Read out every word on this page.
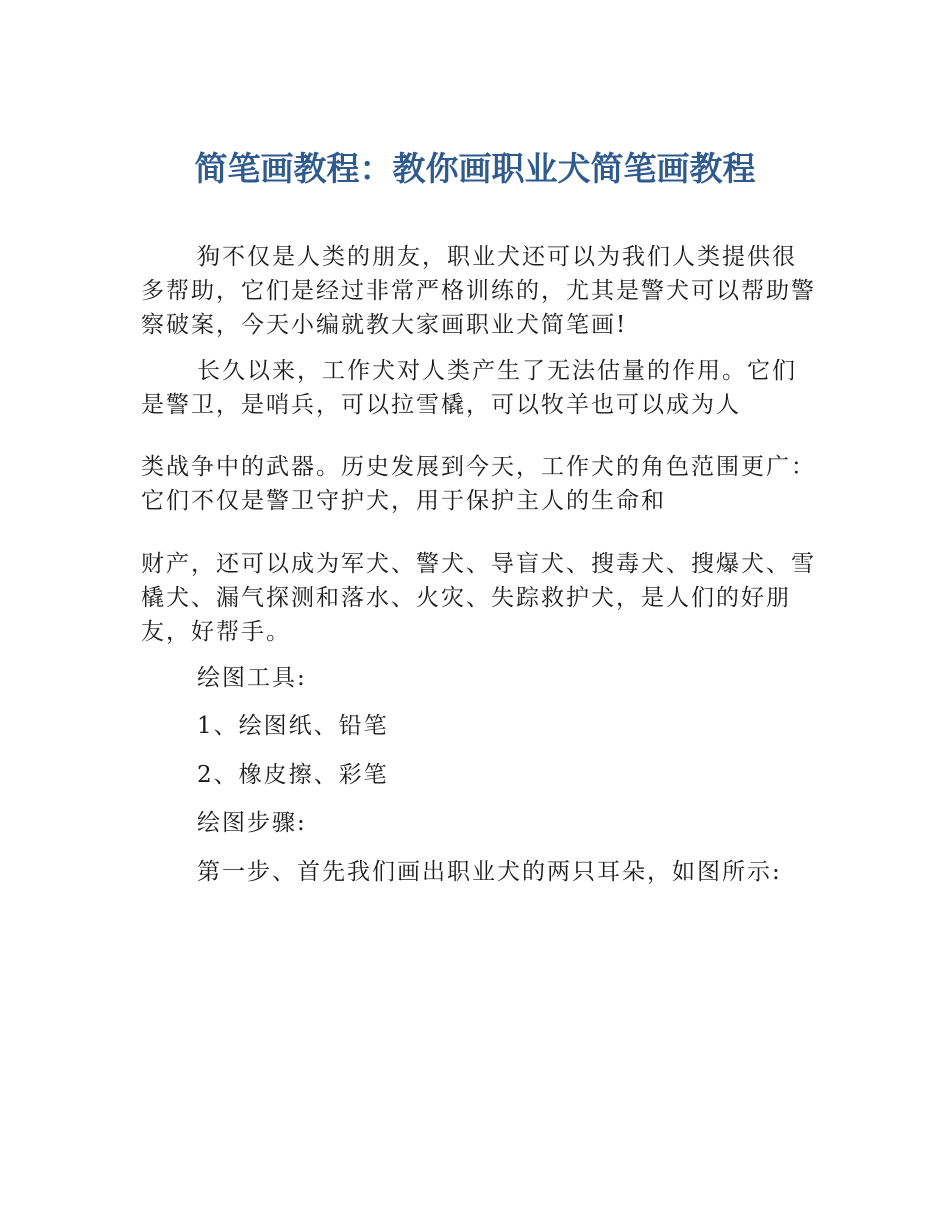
简笔画教程：教你画职业犬简笔画教程
狗不仅是人类的朋友，职业犬还可以为我们人类提供很
多帮助，它们是经过非常严格训练的，尤其是警犬可以帮助警
察破案，今天小编就教大家画职业犬简笔画!
长久以来，工作犬对人类产生了无法估量的作用。它们
是警卫，是哨兵，可以拉雪橇，可以牧羊也可以成为人
类战争中的武器。历史发展到今天，工作犬的角色范围更广：
它们不仅是警卫守护犬，用于保护主人的生命和
财产，还可以成为军犬、警犬、导盲犬、搜毒犬、搜爆犬、雪
橇犬、漏气探测和落水、火灾、失踪救护犬，是人们的好朋
友，好帮手。
绘图工具:
1、绘图纸、铅笔
2、橡皮擦、彩笔
绘图步骤:
第一步、首先我们画出职业犬的两只耳朵，如图所示:
